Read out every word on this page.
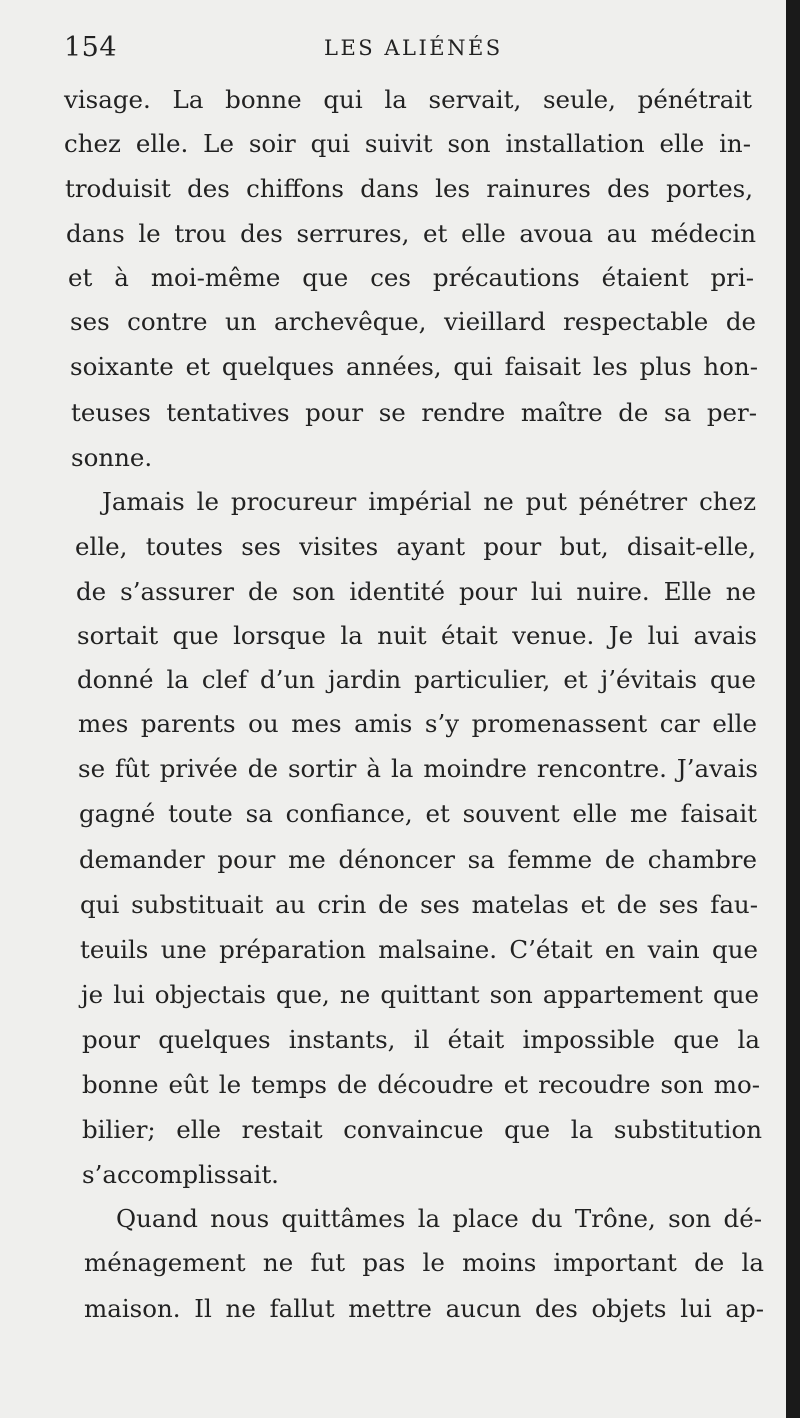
154	LES ALIÉNÉS
visage. La bonne qui la servait, seule, pénétrait
chez elle. Le soir qui suivit son installation elle in-
troduisit des chiffons dans les rainures des portes,
dans le trou des serrures, et elle avoua au médecin
et à moi-même que ces précautions étaient pri-
ses contre un archevêque, vieillard respectable de
soixante et quelques années, qui faisait les plus hon-
teuses tentatives pour se rendre maître de sa per-
sonne.
Jamais le procureur impérial ne put pénétrer chez
elle, toutes ses visites ayant pour but, disait-elle,
de s’assurer de son identité pour lui nuire. Elle ne
sortait que lorsque la nuit était venue. Je lui avais
donné la clef d’un jardin particulier, et j’évitais que
mes parents ou mes amis s’y promenassent car elle
se fût privée de sortir à la moindre rencontre. J’avais
gagné toute sa confiance, et souvent elle me faisait
demander pour me dénoncer sa femme de chambre
qui substituait au crin de ses matelas et de ses fau-
teuils une préparation malsaine. C’était en vain que
je lui objectais que, ne quittant son appartement que
pour quelques instants, il était impossible que la
bonne eût le temps de découdre et recoudre son mo-
bilier; elle restait convaincue que la substitution
s’accomplissait.
Quand nous quittâmes la place du Trône, son dé-
ménagement ne fut pas le moins important de la
maison. Il ne fallut mettre aucun des objets lui ap-
